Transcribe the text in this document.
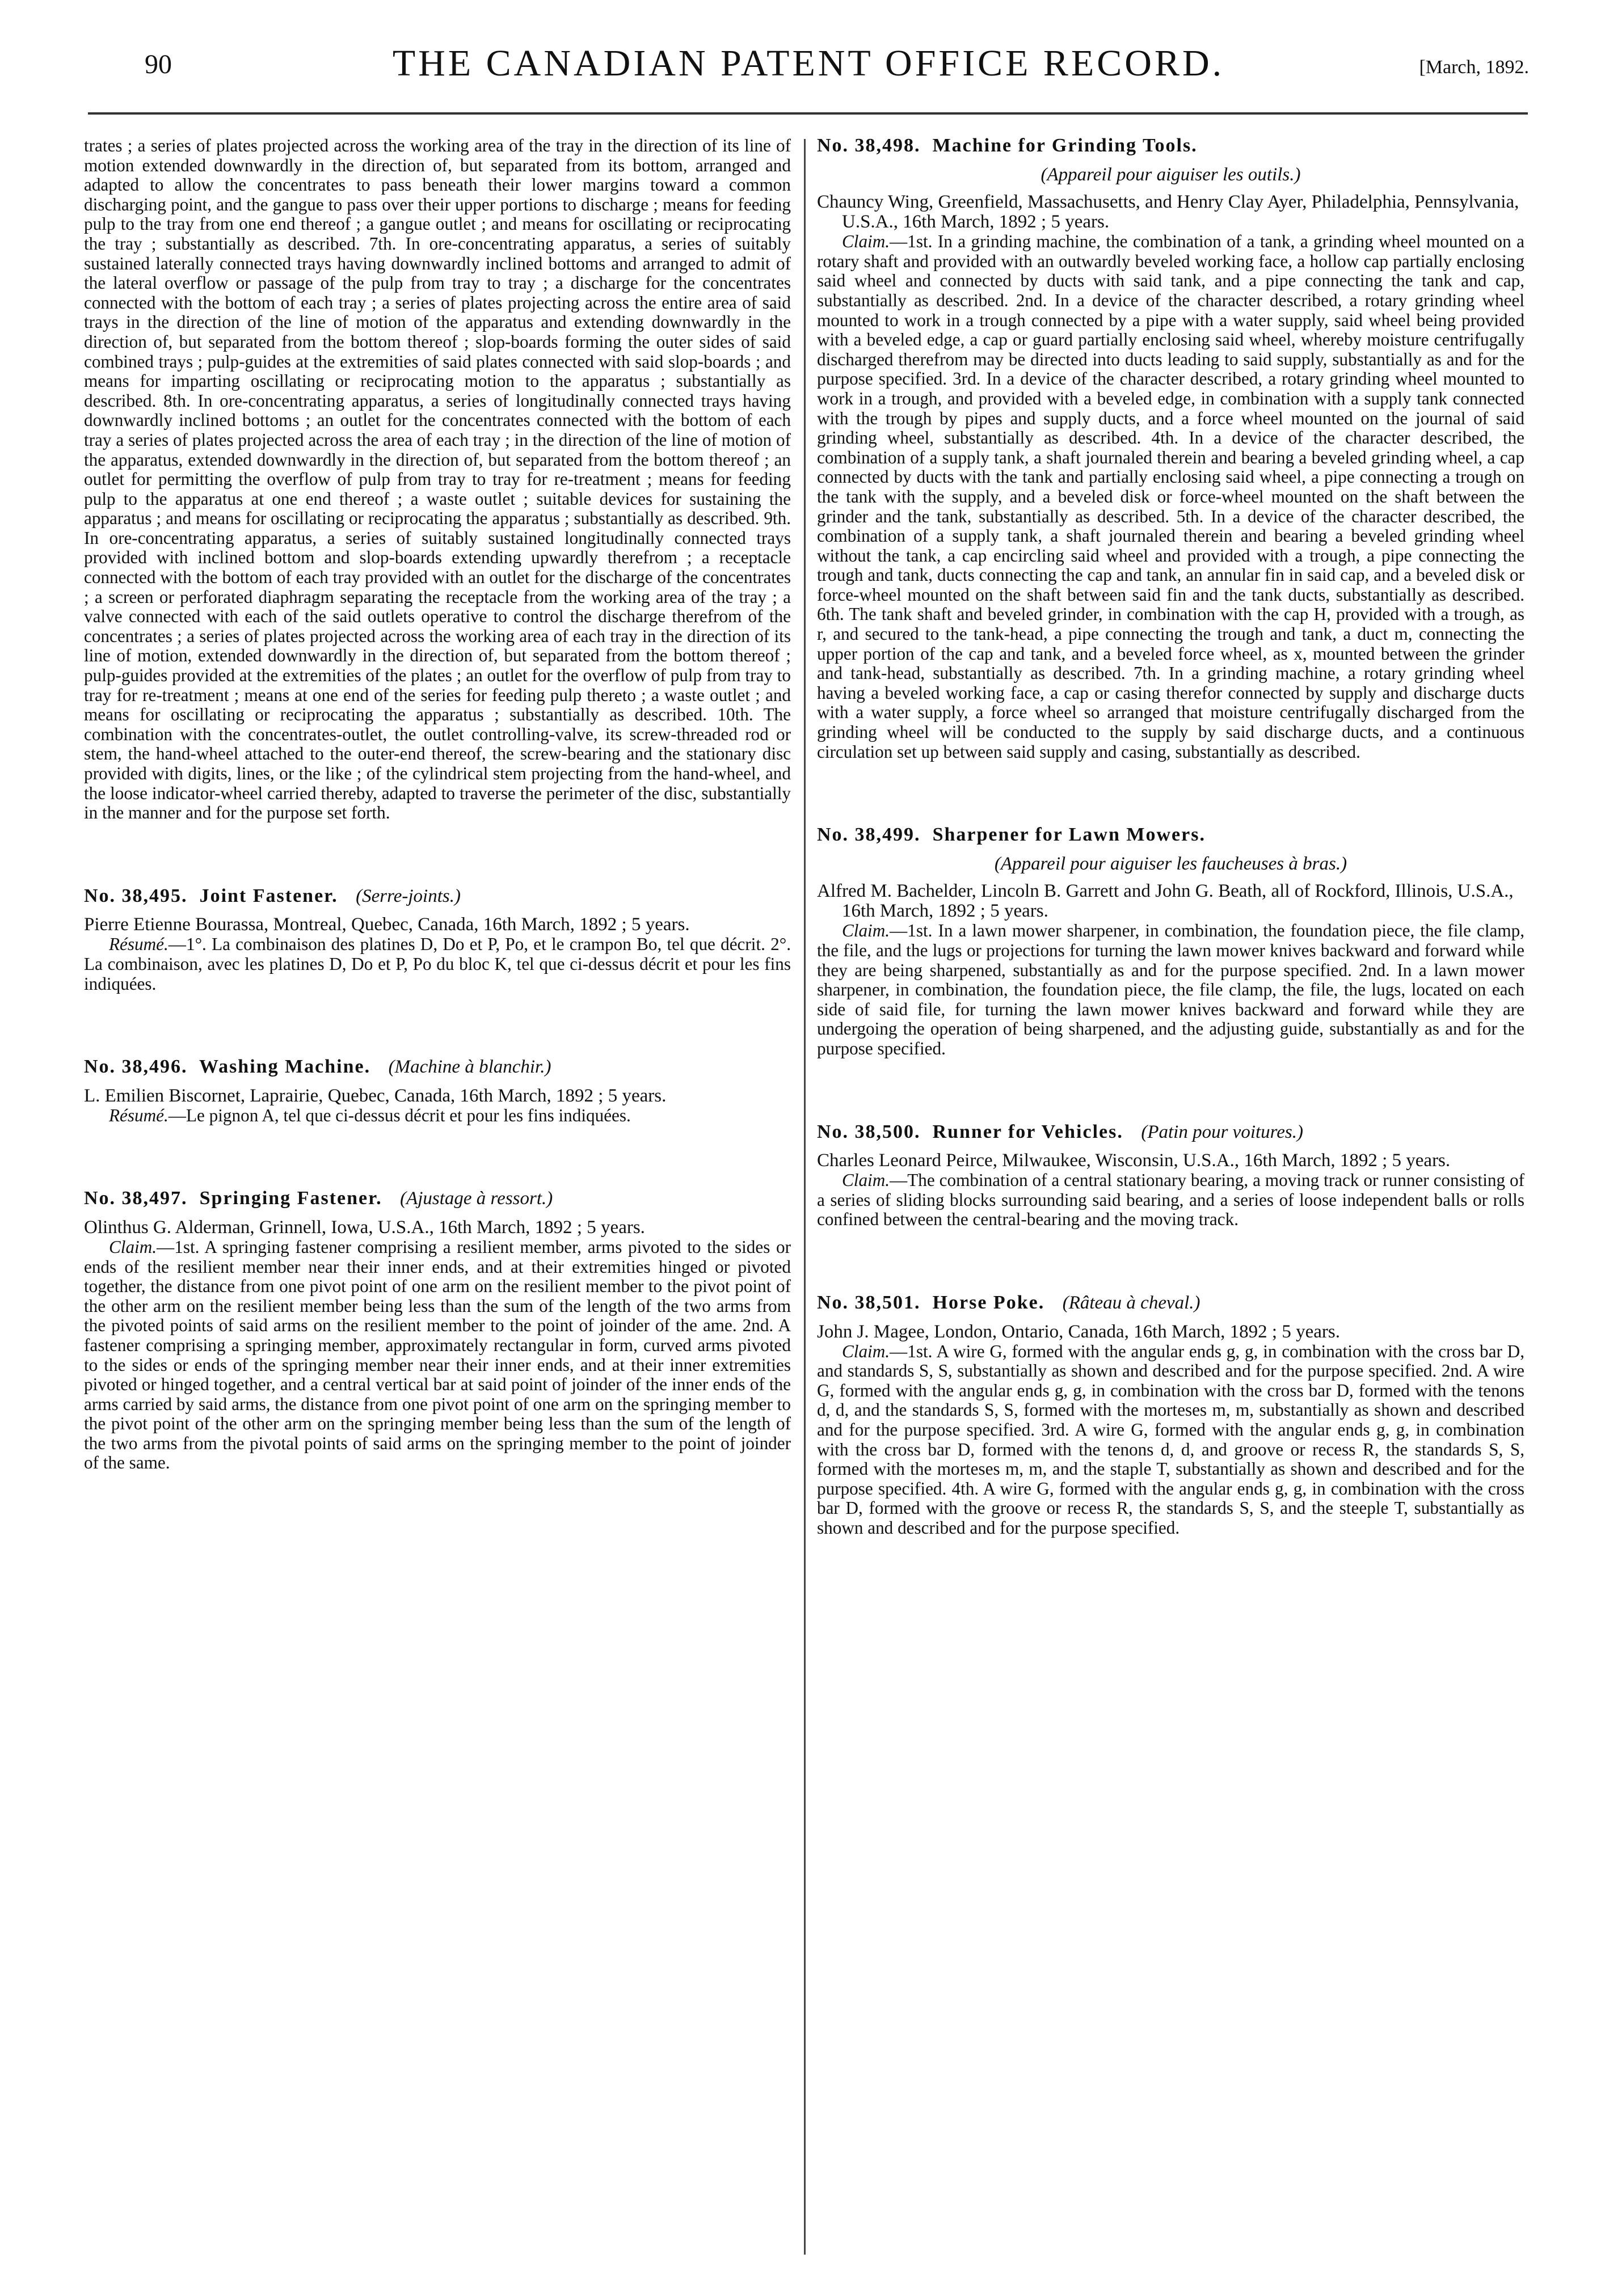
90	THE CANADIAN PATENT OFFICE RECORD.	[March, 1892.

trates ; a series of plates projected across the working area of the tray in the direction of its line of motion extended downwardly in the direction of, but separated from its bottom, arranged and adapted to allow the concentrates to pass beneath their lower margins toward a common discharging point, and the gangue to pass over their upper portions to discharge ; means for feeding pulp to the tray from one end thereof ; a gangue outlet ; and means for oscillating or reciprocating the tray ; substantially as described. 7th. In ore-concentrating apparatus, a series of suitably sustained laterally connected trays having downwardly inclined bottoms and arranged to admit of the lateral overflow or passage of the pulp from tray to tray ; a discharge for the concentrates connected with the bottom of each tray ; a series of plates projecting across the entire area of said trays in the direction of the line of motion of the apparatus and extending downwardly in the direction of, but separated from the bottom thereof ; slop-boards forming the outer sides of said combined trays ; pulp-guides at the extremities of said plates connected with said slop-boards ; and means for imparting oscillating or reciprocating motion to the apparatus ; substantially as described. 8th. In ore-concentrating apparatus, a series of longitudinally connected trays having downwardly inclined bottoms ; an outlet for the concentrates connected with the bottom of each tray a series of plates projected across the area of each tray ; in the direction of the line of motion of the apparatus, extended downwardly in the direction of, but separated from the bottom thereof ; an outlet for permitting the overflow of pulp from tray to tray for re-treatment ; means for feeding pulp to the apparatus at one end thereof ; a waste outlet ; suitable devices for sustaining the apparatus ; and means for oscillating or reciprocating the apparatus ; substantially as described. 9th. In ore-concentrating apparatus, a series of suitably sustained longitudinally connected trays provided with inclined bottom and slop-boards extending upwardly therefrom ; a receptacle connected with the bottom of each tray provided with an outlet for the discharge of the concentrates ; a screen or perforated diaphragm separating the receptacle from the working area of the tray ; a valve connected with each of the said outlets operative to control the discharge therefrom of the concentrates ; a series of plates projected across the working area of each tray in the direction of its line of motion, extended downwardly in the direction of, but separated from the bottom thereof ; pulp-guides provided at the extremities of the plates ; an outlet for the overflow of pulp from tray to tray for re-treatment ; means at one end of the series for feeding pulp thereto ; a waste outlet ; and means for oscillating or reciprocating the apparatus ; substantially as described. 10th. The combination with the concentrates-outlet, the outlet controlling-valve, its screw-threaded rod or stem, the hand-wheel attached to the outer-end thereof, the screw-bearing and the stationary disc provided with digits, lines, or the like ; of the cylindrical stem projecting from the hand-wheel, and the loose indicator-wheel carried thereby, adapted to traverse the perimeter of the disc, substantially in the manner and for the purpose set forth.

No. 38,495. Joint Fastener. (Serre-joints.)

Pierre Etienne Bourassa, Montreal, Quebec, Canada, 16th March, 1892 ; 5 years.

Résumé.—1°. La combinaison des platines D, Do et P, Po, et le crampon Bo, tel que décrit. 2°. La combinaison, avec les platines D, Do et P, Po du bloc K, tel que ci-dessus décrit et pour les fins indiquées.

No. 38,496. Washing Machine. (Machine à blanchir.)

L. Emilien Biscornet, Laprairie, Quebec, Canada, 16th March, 1892 ; 5 years.

Résumé.—Le pignon A, tel que ci-dessus décrit et pour les fins indiquées.

No. 38,497. Springing Fastener. (Ajustage à ressort.)

Olinthus G. Alderman, Grinnell, Iowa, U.S.A., 16th March, 1892 ; 5 years.

Claim.—1st. A springing fastener comprising a resilient member, arms pivoted to the sides or ends of the resilient member near their inner ends, and at their extremities hinged or pivoted together, the distance from one pivot point of one arm on the resilient member to the pivot point of the other arm on the resilient member being less than the sum of the length of the two arms from the pivoted points of said arms on the resilient member to the point of joinder of the ame. 2nd. A fastener comprising a springing member, approximately rectangular in form, curved arms pivoted to the sides or ends of the springing member near their inner ends, and at their inner extremities pivoted or hinged together, and a central vertical bar at said point of joinder of the inner ends of the arms carried by said arms, the distance from one pivot point of one arm on the springing member to the pivot point of the other arm on the springing member being less than the sum of the length of the two arms from the pivotal points of said arms on the springing member to the point of joinder of the same.

No. 38,498. Machine for Grinding Tools.
(Appareil pour aiguiser les outils.)

Chauncy Wing, Greenfield, Massachusetts, and Henry Clay Ayer, Philadelphia, Pennsylvania, U.S.A., 16th March, 1892 ; 5 years.

Claim.—1st. In a grinding machine, the combination of a tank, a grinding wheel mounted on a rotary shaft and provided with an outwardly beveled working face, a hollow cap partially enclosing said wheel and connected by ducts with said tank, and a pipe connecting the tank and cap, substantially as described. 2nd. In a device of the character described, a rotary grinding wheel mounted to work in a trough connected by a pipe with a water supply, said wheel being provided with a beveled edge, a cap or guard partially enclosing said wheel, whereby moisture centrifugally discharged therefrom may be directed into ducts leading to said supply, substantially as and for the purpose specified. 3rd. In a device of the character described, a rotary grinding wheel mounted to work in a trough, and provided with a beveled edge, in combination with a supply tank connected with the trough by pipes and supply ducts, and a force wheel mounted on the journal of said grinding wheel, substantially as described. 4th. In a device of the character described, the combination of a supply tank, a shaft journaled therein and bearing a beveled grinding wheel, a cap connected by ducts with the tank and partially enclosing said wheel, a pipe connecting a trough on the tank with the supply, and a beveled disk or force-wheel mounted on the shaft between the grinder and the tank, substantially as described. 5th. In a device of the character described, the combination of a supply tank, a shaft journaled therein and bearing a beveled grinding wheel without the tank, a cap encircling said wheel and provided with a trough, a pipe connecting the trough and tank, ducts connecting the cap and tank, an annular fin in said cap, and a beveled disk or force-wheel mounted on the shaft between said fin and the tank ducts, substantially as described. 6th. The tank shaft and beveled grinder, in combination with the cap H, provided with a trough, as r, and secured to the tank-head, a pipe connecting the trough and tank, a duct m, connecting the upper portion of the cap and tank, and a beveled force wheel, as x, mounted between the grinder and tank-head, substantially as described. 7th. In a grinding machine, a rotary grinding wheel having a beveled working face, a cap or casing therefor connected by supply and discharge ducts with a water supply, a force wheel so arranged that moisture centrifugally discharged from the grinding wheel will be conducted to the supply by said discharge ducts, and a continuous circulation set up between said supply and casing, substantially as described.

No. 38,499. Sharpener for Lawn Mowers.
(Appareil pour aiguiser les faucheuses à bras.)

Alfred M. Bachelder, Lincoln B. Garrett and John G. Beath, all of Rockford, Illinois, U.S.A., 16th March, 1892 ; 5 years.

Claim.—1st. In a lawn mower sharpener, in combination, the foundation piece, the file clamp, the file, and the lugs or projections for turning the lawn mower knives backward and forward while they are being sharpened, substantially as and for the purpose specified. 2nd. In a lawn mower sharpener, in combination, the foundation piece, the file clamp, the file, the lugs, located on each side of said file, for turning the lawn mower knives backward and forward while they are undergoing the operation of being sharpened, and the adjusting guide, substantially as and for the purpose specified.

No. 38,500. Runner for Vehicles. (Patin pour voitures.)

Charles Leonard Peirce, Milwaukee, Wisconsin, U.S.A., 16th March, 1892 ; 5 years.

Claim.—The combination of a central stationary bearing, a moving track or runner consisting of a series of sliding blocks surrounding said bearing, and a series of loose independent balls or rolls confined between the central-bearing and the moving track.

No. 38,501. Horse Poke. (Râteau à cheval.)

John J. Magee, London, Ontario, Canada, 16th March, 1892 ; 5 years.

Claim.—1st. A wire G, formed with the angular ends g, g, in combination with the cross bar D, and standards S, S, substantially as shown and described and for the purpose specified. 2nd. A wire G, formed with the angular ends g, g, in combination with the cross bar D, formed with the tenons d, d, and the standards S, S, formed with the morteses m, m, substantially as shown and described and for the purpose specified. 3rd. A wire G, formed with the angular ends g, g, in combination with the cross bar D, formed with the tenons d, d, and groove or recess R, the standards S, S, formed with the morteses m, m, and the staple T, substantially as shown and described and for the purpose specified. 4th. A wire G, formed with the angular ends g, g, in combination with the cross bar D, formed with the groove or recess R, the standards S, S, and the steeple T, substantially as shown and described and for the purpose specified.
